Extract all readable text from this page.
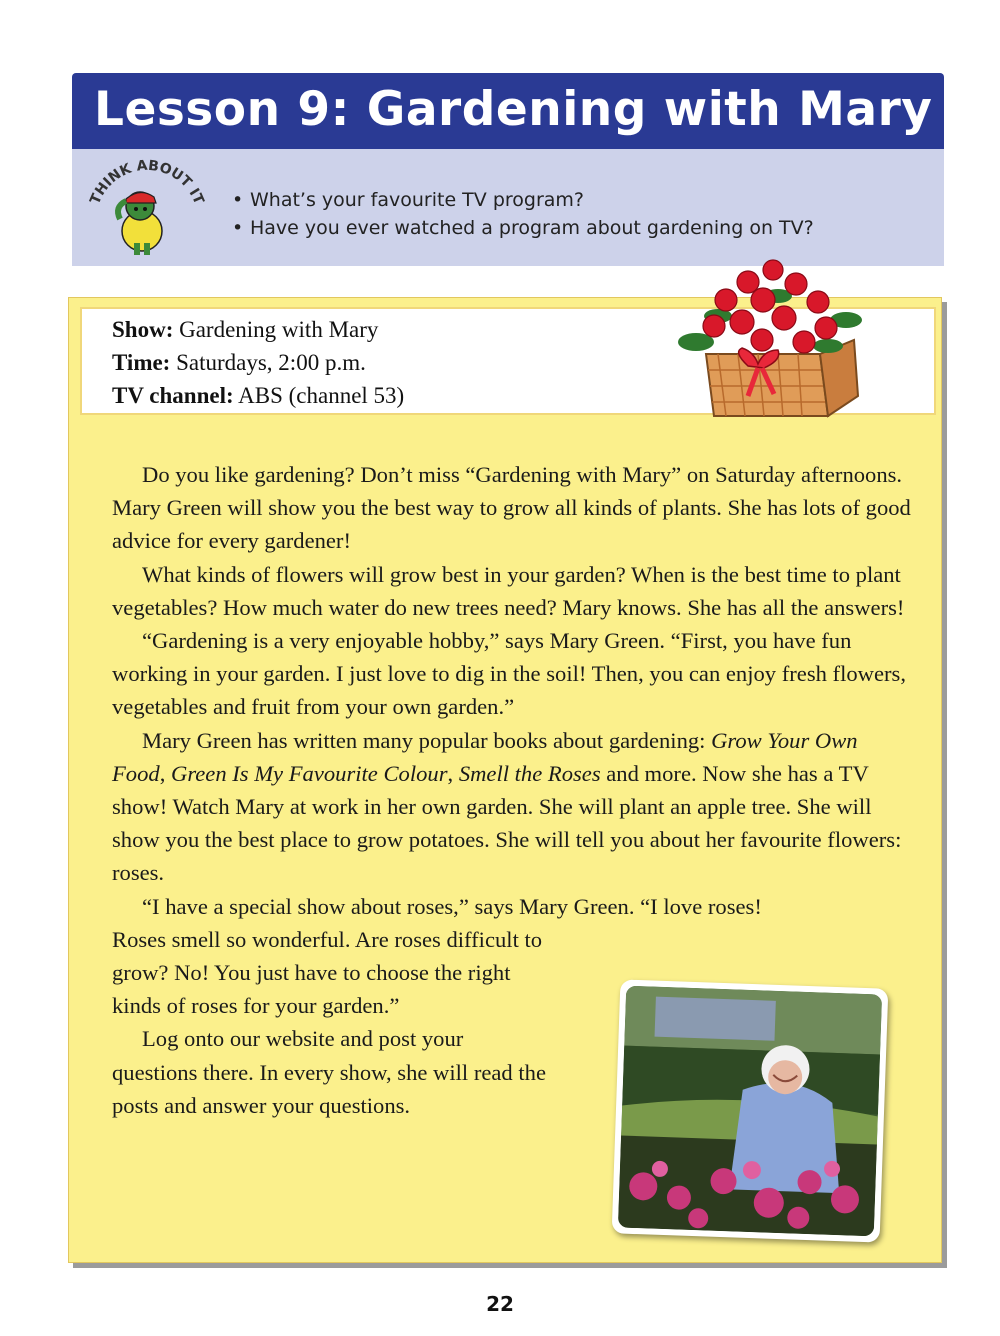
Lesson 9: Gardening with Mary
THINK ABOUT IT • What’s your favourite TV program?
• Have you ever watched a program about gardening on TV?
Show: Gardening with Mary
Time: Saturdays, 2:00 p.m.
TV channel: ABS (channel 53)

Do you like gardening? Don’t miss “Gardening with Mary” on Saturday afternoons. Mary Green will show you the best way to grow all kinds of plants. She has lots of good advice for every gardener!

What kinds of flowers will grow best in your garden? When is the best time to plant vegetables? How much water do new trees need? Mary knows. She has all the answers!

“Gardening is a very enjoyable hobby,” says Mary Green. “First, you have fun working in your garden. I just love to dig in the soil! Then, you can enjoy fresh flowers, vegetables and fruit from your own garden.”

Mary Green has written many popular books about gardening: Grow Your Own Food, Green Is My Favourite Colour, Smell the Roses and more. Now she has a TV show! Watch Mary at work in her own garden. She will plant an apple tree. She will show you the best place to grow potatoes. She will tell you about her favourite flowers: roses.

“I have a special show about roses,” says Mary Green. “I love roses!

Roses smell so wonderful. Are roses difficult to grow? No! You just have to choose the right kinds of roses for your garden.”

Log onto our website and post your questions there. In every show, she will read the posts and answer your questions.

22
